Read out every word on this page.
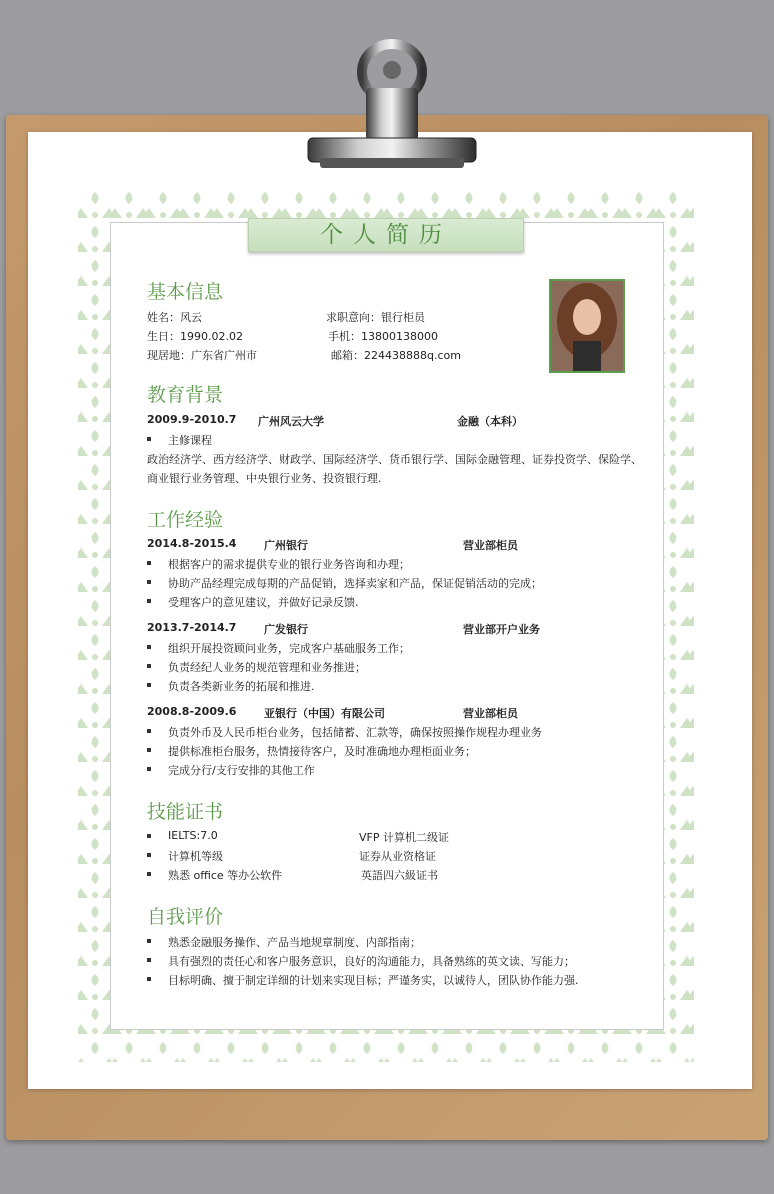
个人简历
基本信息
姓名：风云	求职意向：银行柜员
生日：1990.02.02	手机：13800138000
现居地：广东省广州市	邮箱：224438888q.com
教育背景
2009.9-2010.7 广州风云大学	金融（本科）
主修课程
政治经济学、西方经济学、财政学、国际经济学、货币银行学、国际金融管理、证券投资学、保险学、
商业银行业务管理、中央银行业务、投资银行理.
工作经验
2014.8-2015.4	广州银行	营业部柜员
根据客户的需求提供专业的银行业务咨询和办理；
协助产品经理完成每期的产品促销，选择卖家和产品，保证促销活动的完成；
受理客户的意见建议，并做好记录反馈.
2013.7-2014.7	广发银行	营业部开户业务
组织开展投资顾问业务，完成客户基础服务工作；
负责经纪人业务的规范管理和业务推进；
负责各类新业务的拓展和推进.
2008.8-2009.6	亚银行（中国）有限公司	营业部柜员
负责外币及人民币柜台业务，包括储蓄、汇款等，确保按照操作规程办理业务
提供标准柜台服务，热情接待客户，及时准确地办理柜面业务；
完成分行/支行安排的其他工作
技能证书
IELTS:7.0	VFP 计算机二级证
计算机等级	证券从业资格证
熟悉 office 等办公软件	英語四六級证书
自我评价
熟悉金融服务操作、产品当地规章制度、内部指南；
具有强烈的责任心和客户服务意识，良好的沟通能力，具备熟练的英文读、写能力；
目标明确、擅于制定详细的计划来实现目标；严谨务实，以诚待人，团队协作能力强.
